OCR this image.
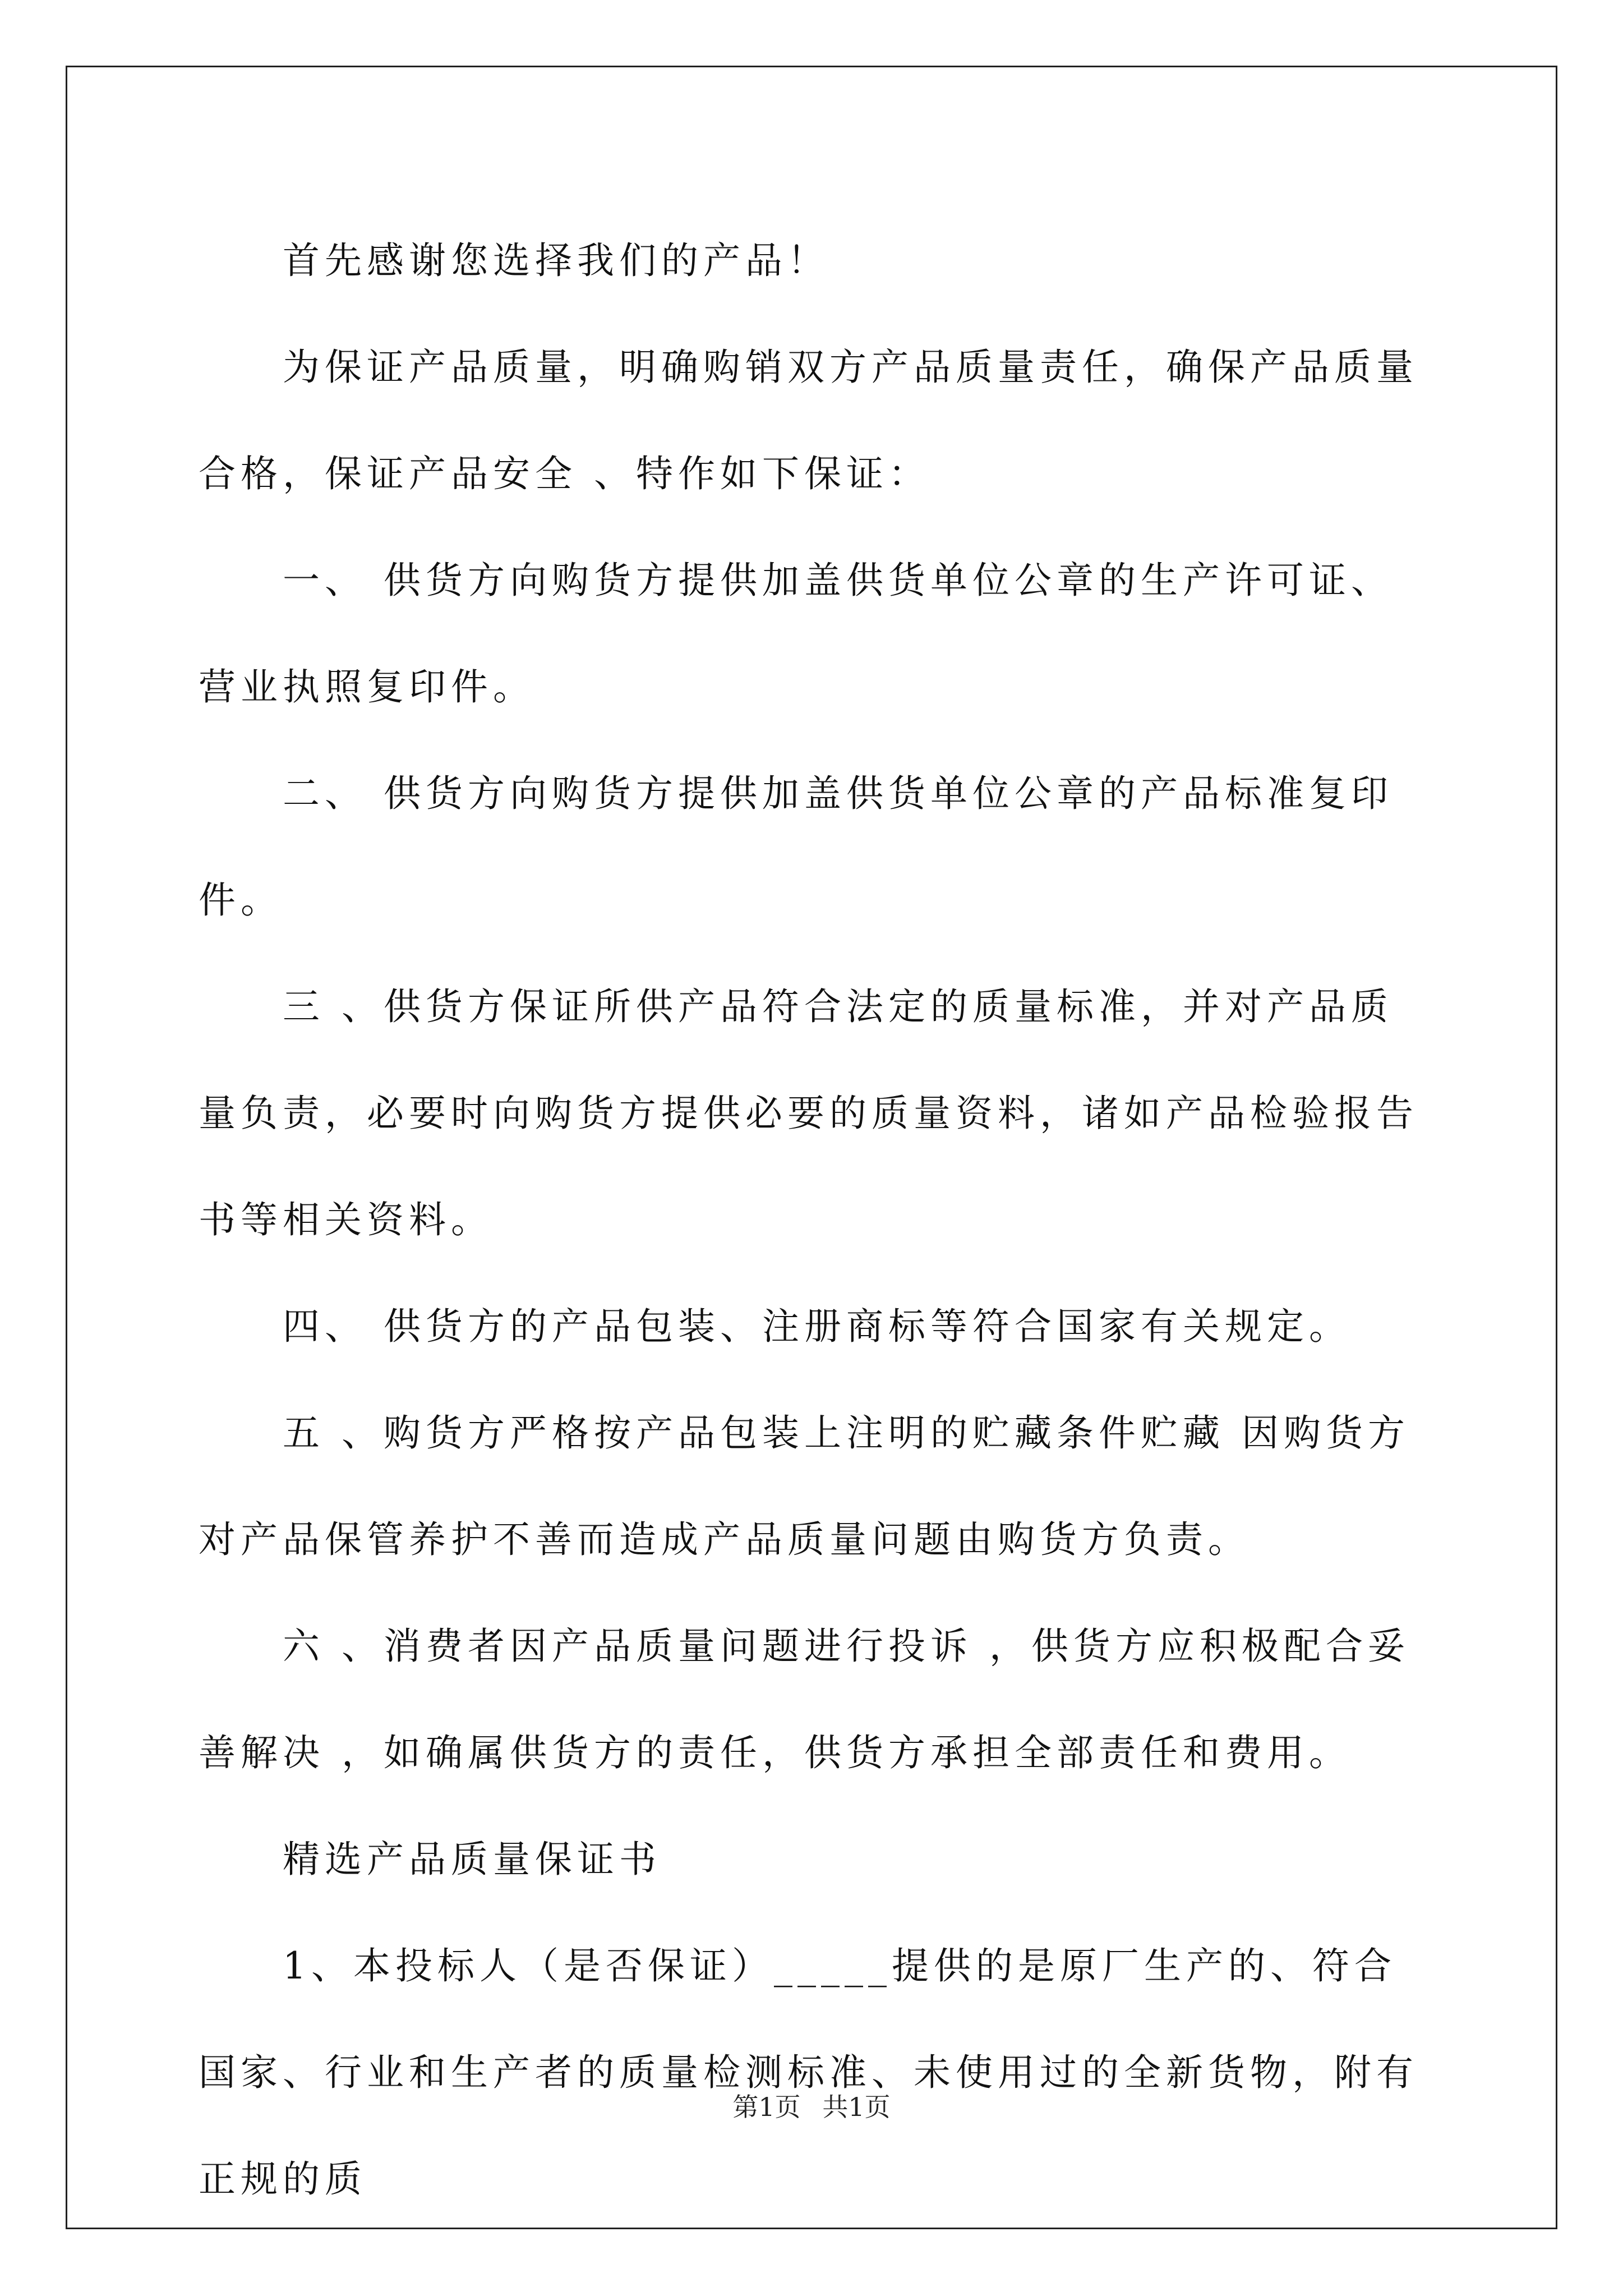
首先感谢您选择我们的产品！

为保证产品质量，明确购销双方产品质量责任，确保产品质量合格，保证产品安全 、特作如下保证：

一、 供货方向购货方提供加盖供货单位公章的生产许可证、营业执照复印件。

二、 供货方向购货方提供加盖供货单位公章的产品标准复印件。

三 、供货方保证所供产品符合法定的质量标准，并对产品质量负责，必要时向购货方提供必要的质量资料，诸如产品检验报告书等相关资料。

四、 供货方的产品包装、注册商标等符合国家有关规定。

五 、购货方严格按产品包装上注明的贮藏条件贮藏 因购货方对产品保管养护不善而造成产品质量问题由购货方负责。

六 、消费者因产品质量问题进行投诉 ，供货方应积极配合妥善解决 ，如确属供货方的责任，供货方承担全部责任和费用。

精选产品质量保证书

1、本投标人（是否保证）_____提供的是原厂生产的、符合国家、行业和生产者的质量检测标准、未使用过的全新货物，附有正规的质

第1页 共1页
